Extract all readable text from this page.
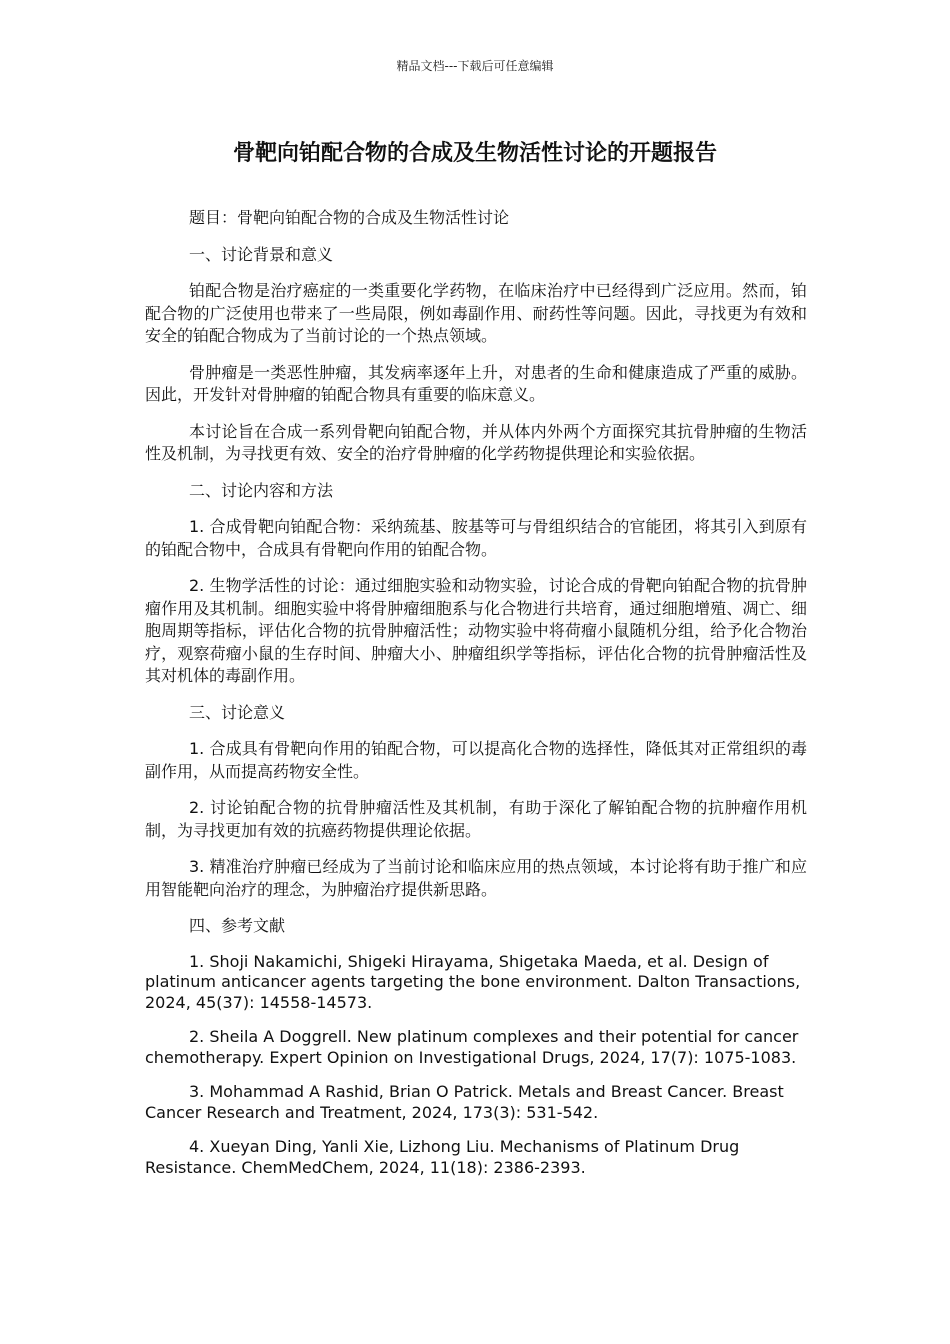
精品文档---下载后可任意编辑
骨靶向铂配合物的合成及生物活性讨论的开题报告

题目：骨靶向铂配合物的合成及生物活性讨论

一、讨论背景和意义

铂配合物是治疗癌症的一类重要化学药物，在临床治疗中已经得到广泛应用。然而，铂配合物的广泛使用也带来了一些局限，例如毒副作用、耐药性等问题。因此，寻找更为有效和安全的铂配合物成为了当前讨论的一个热点领域。

骨肿瘤是一类恶性肿瘤，其发病率逐年上升，对患者的生命和健康造成了严重的威胁。因此，开发针对骨肿瘤的铂配合物具有重要的临床意义。

本讨论旨在合成一系列骨靶向铂配合物，并从体内外两个方面探究其抗骨肿瘤的生物活性及机制，为寻找更有效、安全的治疗骨肿瘤的化学药物提供理论和实验依据。

二、讨论内容和方法

1. 合成骨靶向铂配合物：采纳巯基、胺基等可与骨组织结合的官能团，将其引入到原有的铂配合物中，合成具有骨靶向作用的铂配合物。

2. 生物学活性的讨论：通过细胞实验和动物实验，讨论合成的骨靶向铂配合物的抗骨肿瘤作用及其机制。细胞实验中将骨肿瘤细胞系与化合物进行共培育，通过细胞增殖、凋亡、细胞周期等指标，评估化合物的抗骨肿瘤活性；动物实验中将荷瘤小鼠随机分组，给予化合物治疗，观察荷瘤小鼠的生存时间、肿瘤大小、肿瘤组织学等指标，评估化合物的抗骨肿瘤活性及其对机体的毒副作用。

三、讨论意义

1. 合成具有骨靶向作用的铂配合物，可以提高化合物的选择性，降低其对正常组织的毒副作用，从而提高药物安全性。

2. 讨论铂配合物的抗骨肿瘤活性及其机制，有助于深化了解铂配合物的抗肿瘤作用机制，为寻找更加有效的抗癌药物提供理论依据。

3. 精准治疗肿瘤已经成为了当前讨论和临床应用的热点领域，本讨论将有助于推广和应用智能靶向治疗的理念，为肿瘤治疗提供新思路。

四、参考文献

1. Shoji Nakamichi, Shigeki Hirayama, Shigetaka Maeda, et al. Design of platinum anticancer agents targeting the bone environment. Dalton Transactions, 2024, 45(37): 14558-14573.

2. Sheila A Doggrell. New platinum complexes and their potential for cancer chemotherapy. Expert Opinion on Investigational Drugs, 2024, 17(7): 1075-1083.

3. Mohammad A Rashid, Brian O Patrick. Metals and Breast Cancer. Breast Cancer Research and Treatment, 2024, 173(3): 531-542.

4. Xueyan Ding, Yanli Xie, Lizhong Liu. Mechanisms of Platinum Drug Resistance. ChemMedChem, 2024, 11(18): 2386-2393.
